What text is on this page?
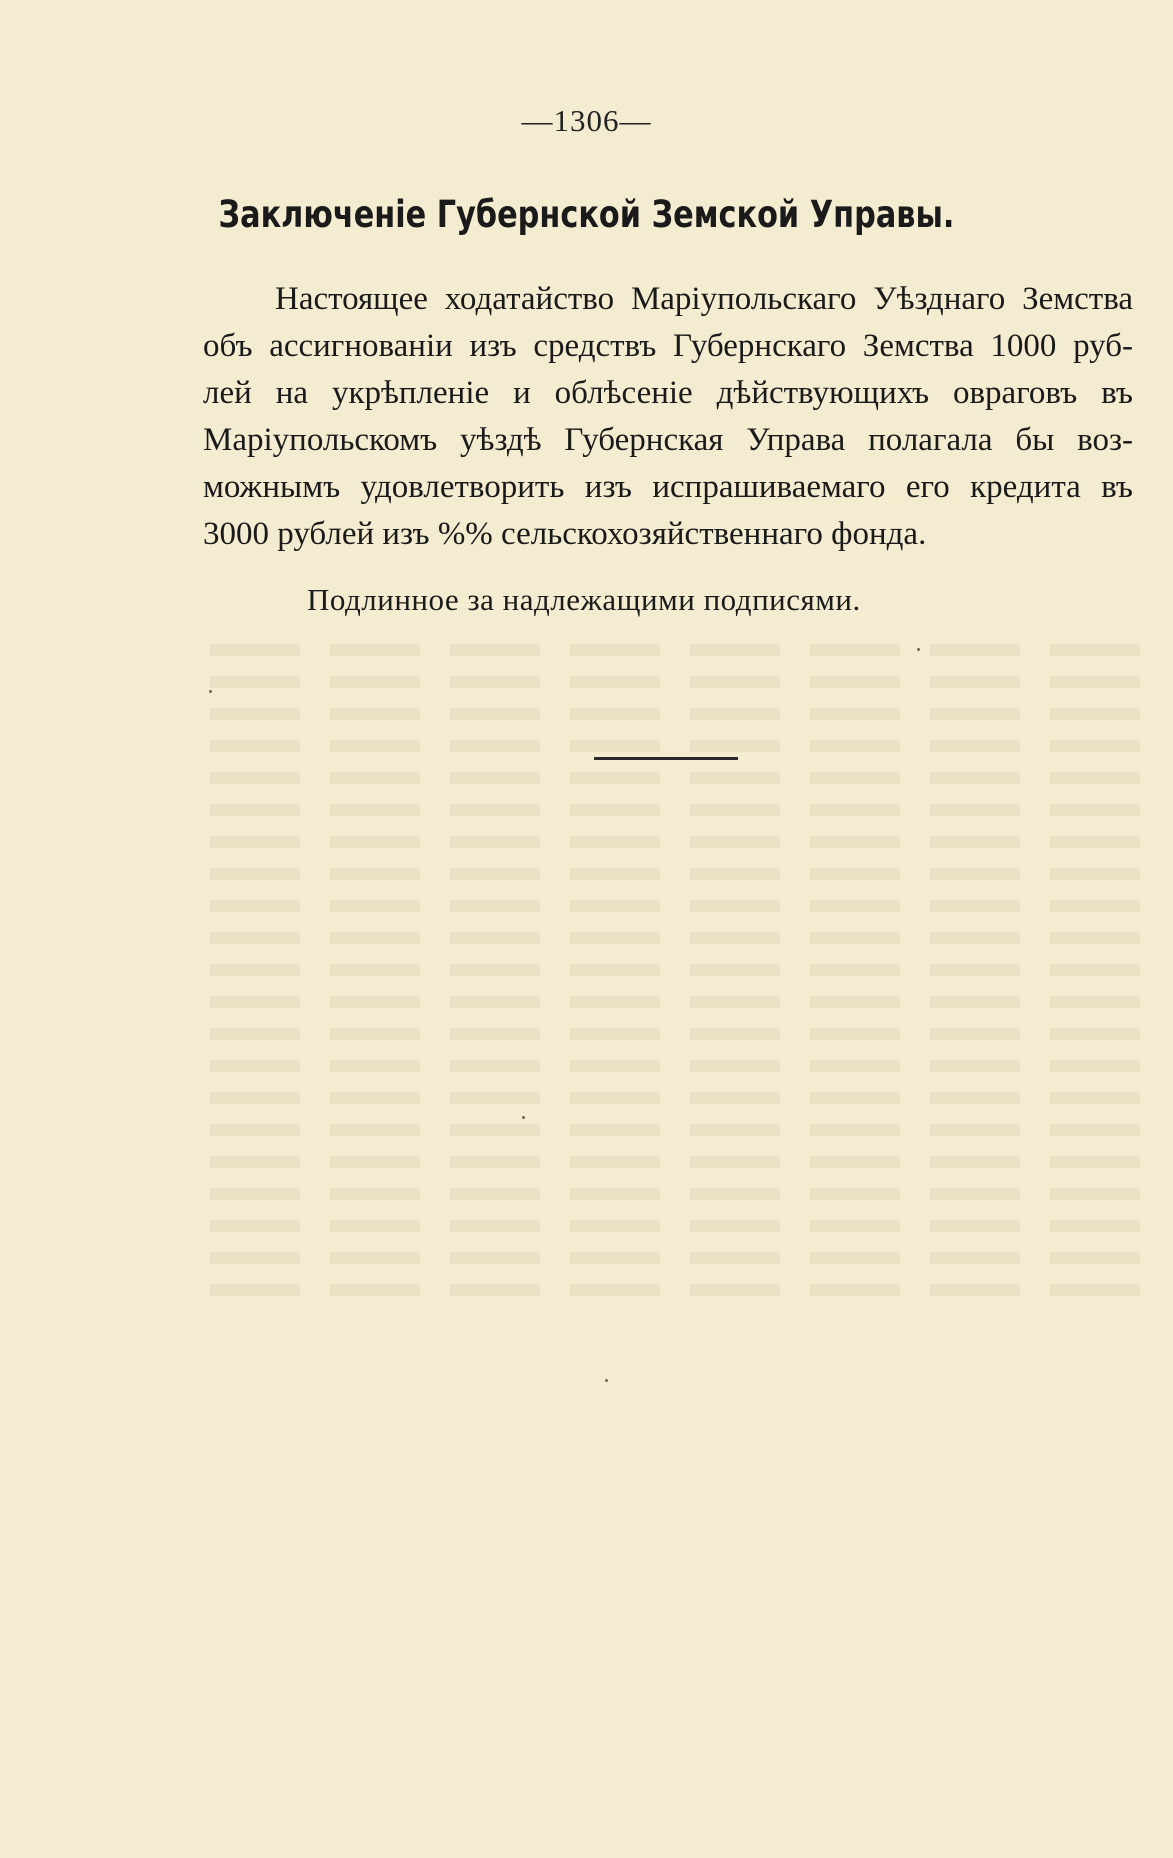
—1306—
Заключенie Губернской Земской Управы.
Настоящее ходатайство Марiупольскаго Уѣзднаго Земства
объ ассигнованiи изъ средствъ Губернскаго Земства 1000 руб-
лей на укрѣпленiе и облѣсенiе дѣйствующихъ овраговъ въ
Марiупольскомъ уѣздѣ Губернская Управа полагала бы воз-
можнымъ удовлетворить изъ испрашиваемаго его кредита въ
3000 рублей изъ %% сельскохозяйственнаго фонда.
Подлинное за надлежащими подписями.
